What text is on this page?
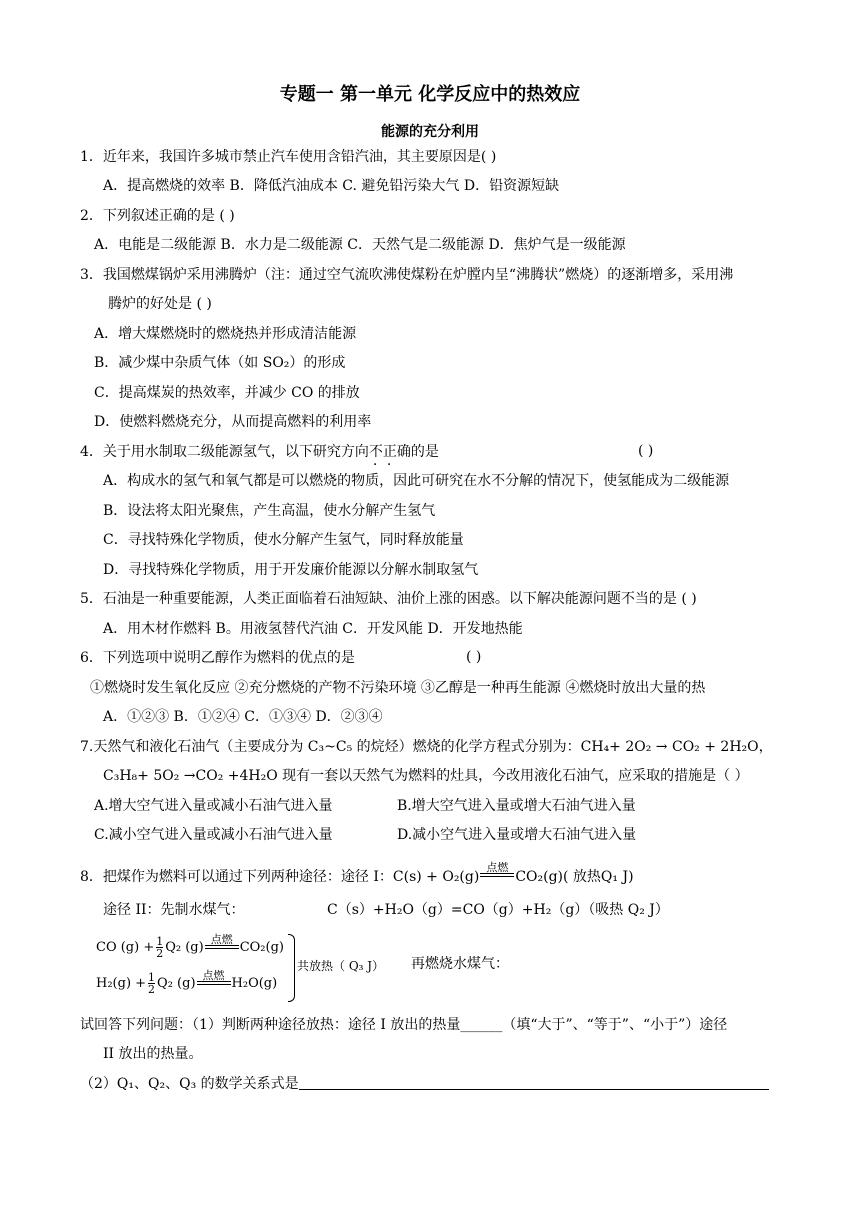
专题一 第一单元 化学反应中的热效应
能源的充分利用
1．近年来，我国许多城市禁止汽车使用含铅汽油，其主要原因是( )
A．提高燃烧的效率 B．降低汽油成本 C. 避免铅污染大气 D．铅资源短缺
2．下列叙述正确的是 ( )
A．电能是二级能源 B．水力是二级能源 C．天然气是二级能源 D．焦炉气是一级能源
3．我国燃煤锅炉采用沸腾炉（注：通过空气流吹沸使煤粉在炉膛内呈“沸腾状”燃烧）的逐渐增多，采用沸
腾炉的好处是 ( )
A．增大煤燃烧时的燃烧热并形成清洁能源
B．减少煤中杂质气体（如 SO₂）的形成
C．提高煤炭的热效率，并减少 CO 的排放
D．使燃料燃烧充分，从而提高燃料的利用率
4．关于用水制取二级能源氢气，以下研究方向不正确的是	( )
A．构成水的氢气和氧气都是可以燃烧的物质，因此可研究在水不分解的情况下，使氢能成为二级能源
B．设法将太阳光聚焦，产生高温，使水分解产生氢气
C．寻找特殊化学物质，使水分解产生氢气，同时释放能量
D．寻找特殊化学物质，用于开发廉价能源以分解水制取氢气
5．石油是一种重要能源，人类正面临着石油短缺、油价上涨的困惑。以下解决能源问题不当的是 ( )
A．用木材作燃料 B。用液氢替代汽油 C．开发风能 D．开发地热能
6．下列选项中说明乙醇作为燃料的优点的是	( )
①燃烧时发生氧化反应 ②充分燃烧的产物不污染环境 ③乙醇是一种再生能源 ④燃烧时放出大量的热
A．①②③ B．①②④ C．①③④ D．②③④
7.天然气和液化石油气（主要成分为 C₃~C₅ 的烷烃）燃烧的化学方程式分别为：CH₄+ 2O₂ → CO₂ + 2H₂O，
C₃H₈+ 5O₂ →CO₂ +4H₂O 现有一套以天然气为燃料的灶具，今改用液化石油气，应采取的措施是（ ）
A.增大空气进入量或减小石油气进入量	B.增大空气进入量或增大石油气进入量
C.减小空气进入量或减小石油气进入量	D.减小空气进入量或增大石油气进入量
8．把煤作为燃料可以通过下列两种途径：途径 I：C(s) + O₂(g)
点燃
CO₂(g)( 放热Q₁ J)
途径 II：先制水煤气：	C（s）+H₂O（g）=CO（g）+H₂（g）（吸热 Q₂ J）
CO $(g) + \frac{1}{2} Q_2$ (g)
点燃
CO₂(g)
$H_2(g) + \frac{1}{2} Q_2$ (g)
点燃
H₂O(g)
共放热（ Q₃ J） 再燃烧水煤气：
试回答下列问题：（1）判断两种途径放热：途径 I 放出的热量______（填“大于”、“等于”、“小于”）途径
II 放出的热量。
（2）Q₁、Q₂、Q₃ 的数学关系式是
